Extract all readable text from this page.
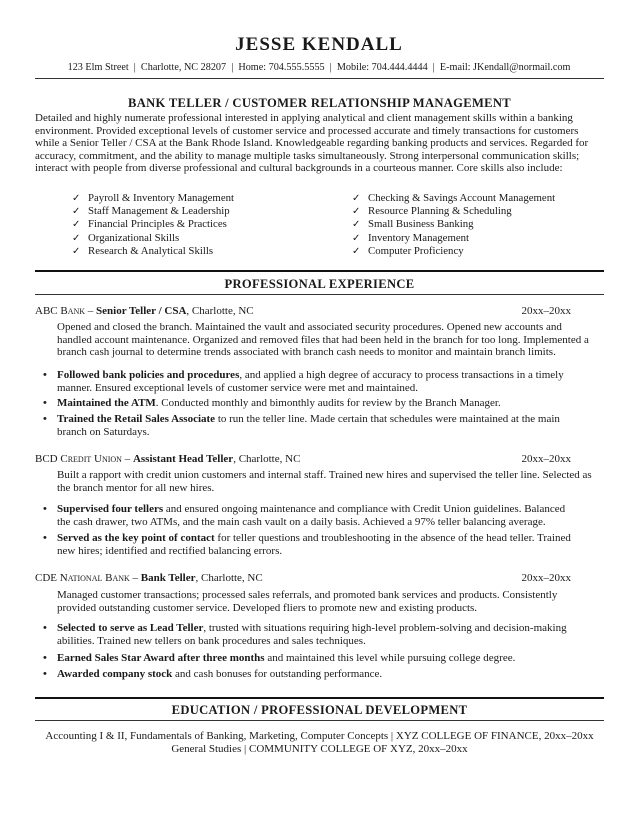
JESSE KENDALL
123 Elm Street  |  Charlotte, NC 28207  |  Home: 704.555.5555  |  Mobile: 704.444.4444  |  E-mail: JKendall@normail.com
BANK TELLER / CUSTOMER RELATIONSHIP MANAGEMENT
Detailed and highly numerate professional interested in applying analytical and client management skills within a banking
environment. Provided exceptional levels of customer service and processed accurate and timely transactions for customers
while a Senior Teller / CSA at the Bank Rhode Island. Knowledgeable regarding banking products and services. Regarded for
accuracy, commitment, and the ability to manage multiple tasks simultaneously. Strong interpersonal communication skills;
interact with people from diverse professional and cultural backgrounds in a courteous manner. Core skills also include:
✓ Payroll & Inventory Management
✓ Staff Management & Leadership
✓ Financial Principles & Practices
✓ Organizational Skills
✓ Research & Analytical Skills
✓ Checking & Savings Account Management
✓ Resource Planning & Scheduling
✓ Small Business Banking
✓ Inventory Management
✓ Computer Proficiency
PROFESSIONAL EXPERIENCE
ABC Bank – Senior Teller / CSA, Charlotte, NC	20xx–20xx
Opened and closed the branch. Maintained the vault and associated security procedures. Opened new accounts and
handled account maintenance. Organized and removed files that had been held in the branch for too long. Implemented a
branch cash journal to determine trends associated with branch cash needs to monitor and maintain branch limits.
• Followed bank policies and procedures, and applied a high degree of accuracy to process transactions in a timely
manner. Ensured exceptional levels of customer service were met and maintained.
• Maintained the ATM. Conducted monthly and bimonthly audits for review by the Branch Manager.
• Trained the Retail Sales Associate to run the teller line. Made certain that schedules were maintained at the main
branch on Saturdays.
BCD Credit Union – Assistant Head Teller, Charlotte, NC	20xx–20xx
Built a rapport with credit union customers and internal staff. Trained new hires and supervised the teller line. Selected as
the branch mentor for all new hires.
• Supervised four tellers and ensured ongoing maintenance and compliance with Credit Union guidelines. Balanced
the cash drawer, two ATMs, and the main cash vault on a daily basis. Achieved a 97% teller balancing average.
• Served as the key point of contact for teller questions and troubleshooting in the absence of the head teller. Trained
new hires; identified and rectified balancing errors.
CDE National Bank – Bank Teller, Charlotte, NC	20xx–20xx
Managed customer transactions; processed sales referrals, and promoted bank services and products. Consistently
provided outstanding customer service. Developed fliers to promote new and existing products.
• Selected to serve as Lead Teller, trusted with situations requiring high-level problem-solving and decision-making
abilities. Trained new tellers on bank procedures and sales techniques.
• Earned Sales Star Award after three months and maintained this level while pursuing college degree.
• Awarded company stock and cash bonuses for outstanding performance.
EDUCATION / PROFESSIONAL DEVELOPMENT
Accounting I & II, Fundamentals of Banking, Marketing, Computer Concepts | XYZ COLLEGE OF FINANCE, 20xx–20xx
General Studies | COMMUNITY COLLEGE OF XYZ, 20xx–20xx
